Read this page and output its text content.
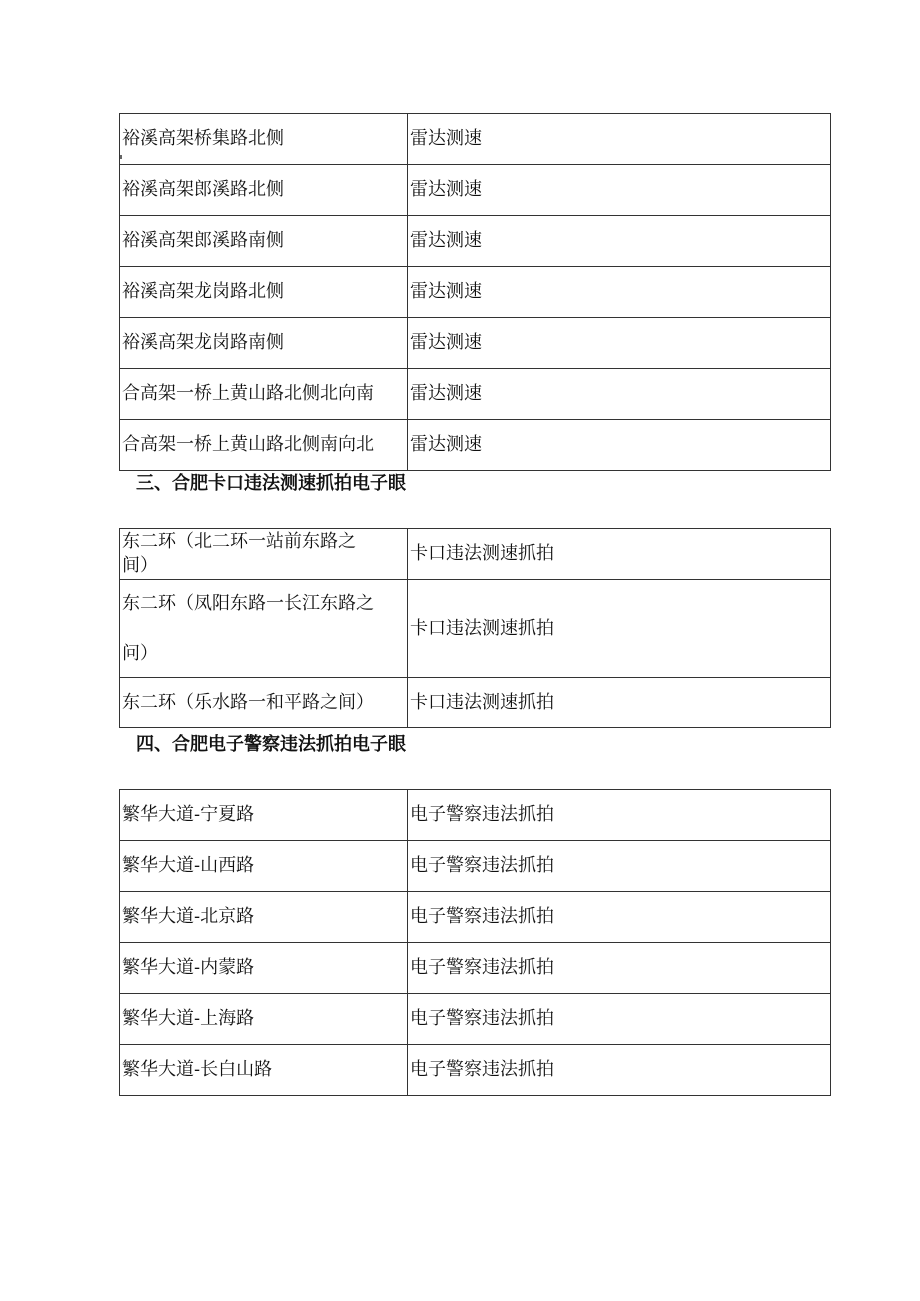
裕溪高架桥集路北侧	雷达测速
裕溪高架郎溪路北侧	雷达测速
裕溪高架郎溪路南侧	雷达测速
裕溪高架龙岗路北侧	雷达测速
裕溪高架龙岗路南侧	雷达测速
合高架一桥上黄山路北侧北向南	雷达测速
合高架一桥上黄山路北侧南向北	雷达测速
三、合肥卡口违法测速抓拍电子眼
东二环（北二环一站前东路之
间）	卡口违法测速抓拍

东二环（凤阳东路一长江东路之
问）	卡口违法测速抓拍

东二环（乐水路一和平路之间）	卡口违法测速抓拍
四、合肥电子警察违法抓拍电子眼
繁华大道-宁夏路	电子警察违法抓拍
繁华大道-山西路	电子警察违法抓拍
繁华大道-北京路	电子警察违法抓拍
繁华大道-内蒙路	电子警察违法抓拍
繁华大道-上海路	电子警察违法抓拍
繁华大道-长白山路	电子警察违法抓拍
